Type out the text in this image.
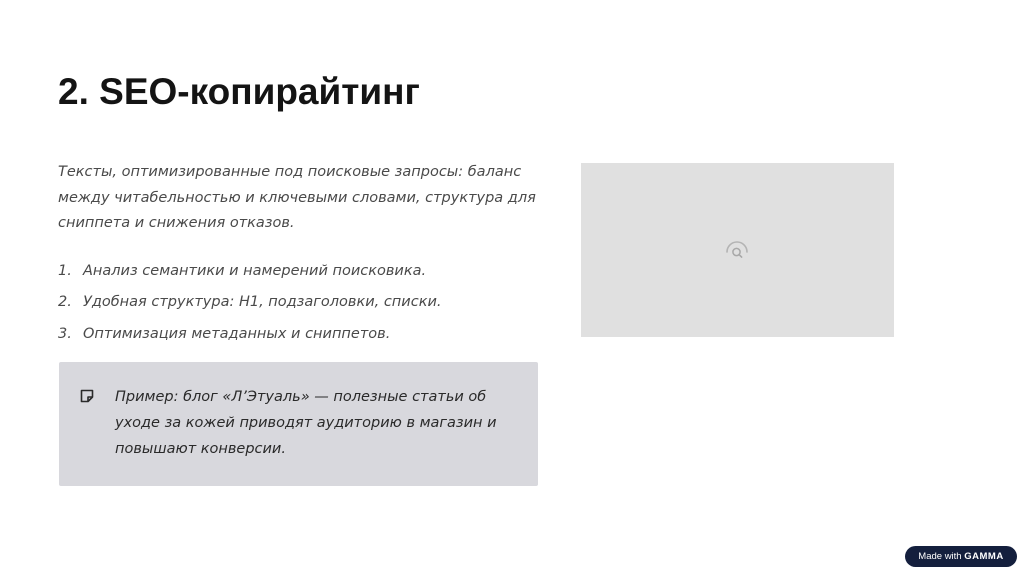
2. SEO-копирайтинг

Тексты, оптимизированные под поисковые запросы: баланс между читабельностью и ключевыми словами, структура для сниппета и снижения отказов.

1. Анализ семантики и намерений поисковика.
2. Удобная структура: H1, подзаголовки, списки.
3. Оптимизация метаданных и сниппетов.

Пример: блог «Л’Этуаль» — полезные статьи об уходе за кожей приводят аудиторию в магазин и повышают конверсии.

Made with GAMMA
